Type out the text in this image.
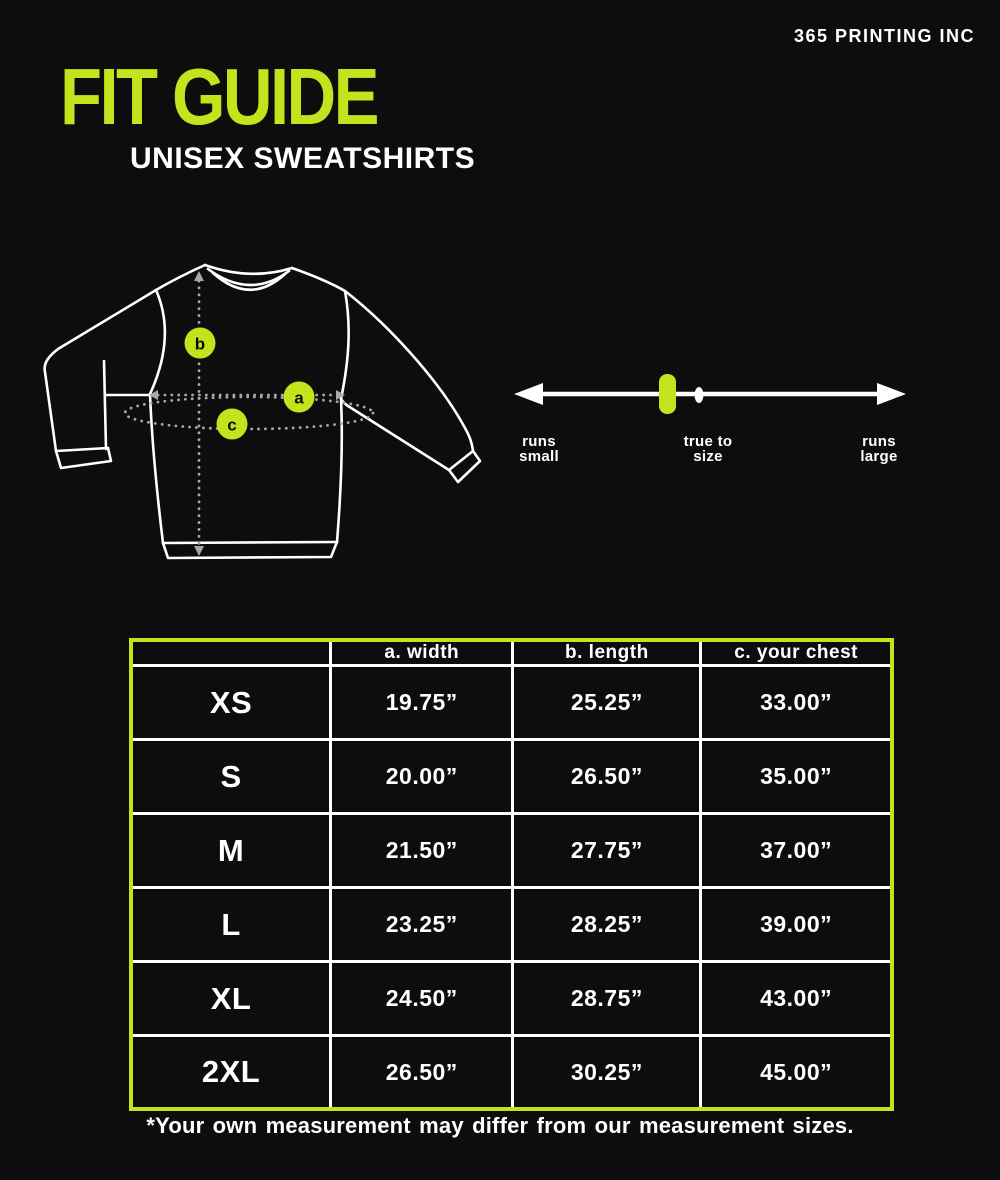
365 PRINTING INC
FIT GUIDE
UNISEX SWEATSHIRTS
b
a
c
runs
small
true to
size
runs
large
	a. width	b. length	c. your chest
XS	19.75”	25.25”	33.00”
S	20.00”	26.50”	35.00”
M	21.50”	27.75”	37.00”
L	23.25”	28.25”	39.00”
XL	24.50”	28.75”	43.00”
2XL	26.50”	30.25”	45.00”
*Your own measurement may differ from our measurement sizes.
